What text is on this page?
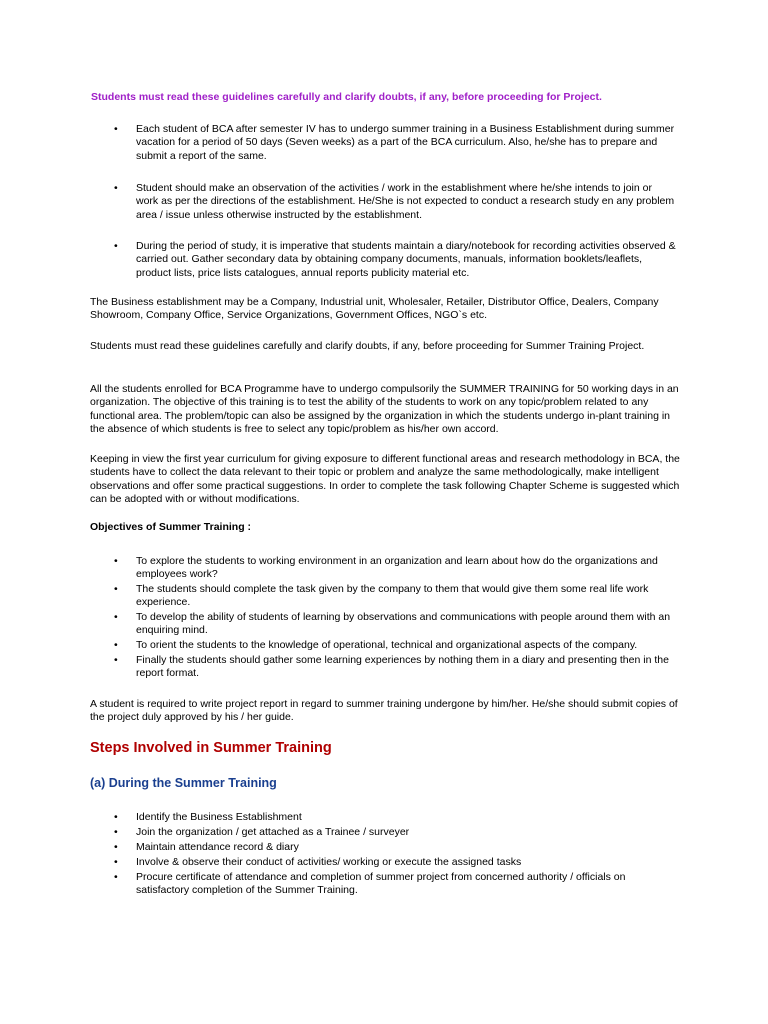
Students must read these guidelines carefully and clarify doubts, if any, before proceeding for Project.

• Each student of BCA after semester IV has to undergo summer training in a Business Establishment during summer vacation for a period of 50 days (Seven weeks) as a part of the BCA curriculum. Also, he/she has to prepare and submit a report of the same.
• Student should make an observation of the activities / work in the establishment where he/she intends to join or work as per the directions of the establishment. He/She is not expected to conduct a research study en any problem area / issue unless otherwise instructed by the establishment.
• During the period of study, it is imperative that students maintain a diary/notebook for recording activities observed & carried out. Gather secondary data by obtaining company documents, manuals, information booklets/leaflets, product lists, price lists catalogues, annual reports publicity material etc.

The Business establishment may be a Company, Industrial unit, Wholesaler, Retailer, Distributor Office, Dealers, Company Showroom, Company Office, Service Organizations, Government Offices, NGO`s etc.

Students must read these guidelines carefully and clarify doubts, if any, before proceeding for Summer Training Project.

All the students enrolled for BCA Programme have to undergo compulsorily the SUMMER TRAINING for 50 working days in an organization. The objective of this training is to test the ability of the students to work on any topic/problem related to any functional area. The problem/topic can also be assigned by the organization in which the students undergo in-plant training in the absence of which students is free to select any topic/problem as his/her own accord.

Keeping in view the first year curriculum for giving exposure to different functional areas and research methodology in BCA, the students have to collect the data relevant to their topic or problem and analyze the same methodologically, make intelligent observations and offer some practical suggestions. In order to complete the task following Chapter Scheme is suggested which can be adopted with or without modifications.

Objectives of Summer Training :

• To explore the students to working environment in an organization and learn about how do the organizations and employees work?
• The students should complete the task given by the company to them that would give them some real life work experience.
• To develop the ability of students of learning by observations and communications with people around them with an enquiring mind.
• To orient the students to the knowledge of operational, technical and organizational aspects of the company.
• Finally the students should gather some learning experiences by nothing them in a diary and presenting then in the report format.

A student is required to write project report in regard to summer training undergone by him/her. He/she should submit copies of the project duly approved by his / her guide.

Steps Involved in Summer Training
(a) During the Summer Training
• Identify the Business Establishment
• Join the organization / get attached as a Trainee / surveyer
• Maintain attendance record & diary
• Involve & observe their conduct of activities/ working or execute the assigned tasks
• Procure certificate of attendance and completion of summer project from concerned authority / officials on satisfactory completion of the Summer Training.
